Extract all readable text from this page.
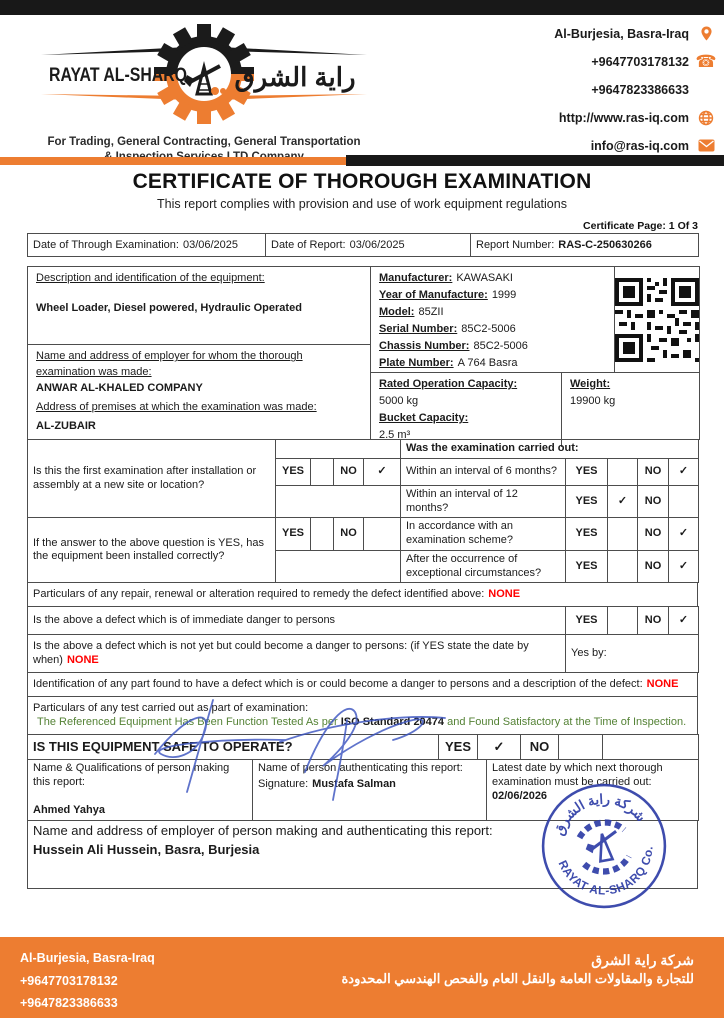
RAYAT AL-SHARQ راية الشرق
For Trading, General Contracting, General Transportation
Al-Burjesia, Basra-Iraq
+9647703178132 ☎
+9647823386633
http://www.ras-iq.com
info@ras-iq.com
CERTIFICATE OF THOROUGH EXAMINATION
This report complies with provision and use of work equipment regulations
Certificate Page: 1 Of 3
Date of Through Examination: 03/06/2025	Date of Report: 03/06/2025	Report Number: RAS-C-250630266
Description and identification of the equipment:
Wheel Loader, Diesel powered, Hydraulic Operated
Name and address of employer for whom the thorough examination was made:
ANWAR AL-KHALED COMPANY
Address of premises at which the examination was made:
AL-ZUBAIR
Manufacturer: KAWASAKI
Year of Manufacture: 1999
Model: 85ZII
Serial Number: 85C2-5006
Chassis Number: 85C2-5006
Plate Number: A 764 Basra
Rated Operation Capacity:
5000 kg
Bucket Capacity:
2.5 m³
Weight:
19900 kg
Is this the first examination after installation or assembly at a new site or location?					Was the examination carried out:				
	YES		NO	✓	Within an interval of 6 months?	YES		NO	✓
					Within an interval of 12 months?	YES	✓	NO	
If the answer to the above question is YES, has the equipment been installed correctly?	YES		NO		In accordance with an examination scheme?	YES		NO	✓
					After the occurrence of exceptional circumstances?	YES		NO	✓
Particulars of any repair, renewal or alteration required to remedy the defect identified above: NONE
Is the above a defect which is of immediate danger to persons	YES		NO	✓
Is the above a defect which is not yet but could become a danger to persons: (if YES state the date by when) NONE	Yes by:
Identification of any part found to have a defect which is or could become a danger to persons and a description of the defect: NONE
Particulars of any test carried out as part of examination:
The Referenced Equipment Has Been Function Tested As per ISO Standard 20474 and Found Satisfactory at the Time of Inspection.
IS THIS EQUIPMENT SAFE TO OPERATE?	YES	✓	NO		
Name & Qualifications of person making this report:
Ahmed Yahya

Name of person authenticating this report:
Signature: Mustafa Salman

Latest date by which next thorough examination must be carried out:
02/06/2026
Name and address of employer of person making and authenticating this report:
Hussein Ali Hussein, Basra, Burjesia
شركة راية الشرق
RAYAT AL-SHARQ Co.
Al-Burjesia, Basra-Iraq
+9647703178132
+9647823386633
شركة راية الشرق
للتجارة والمقاولات العامة والنقل العام والفحص الهندسي المحدودة
